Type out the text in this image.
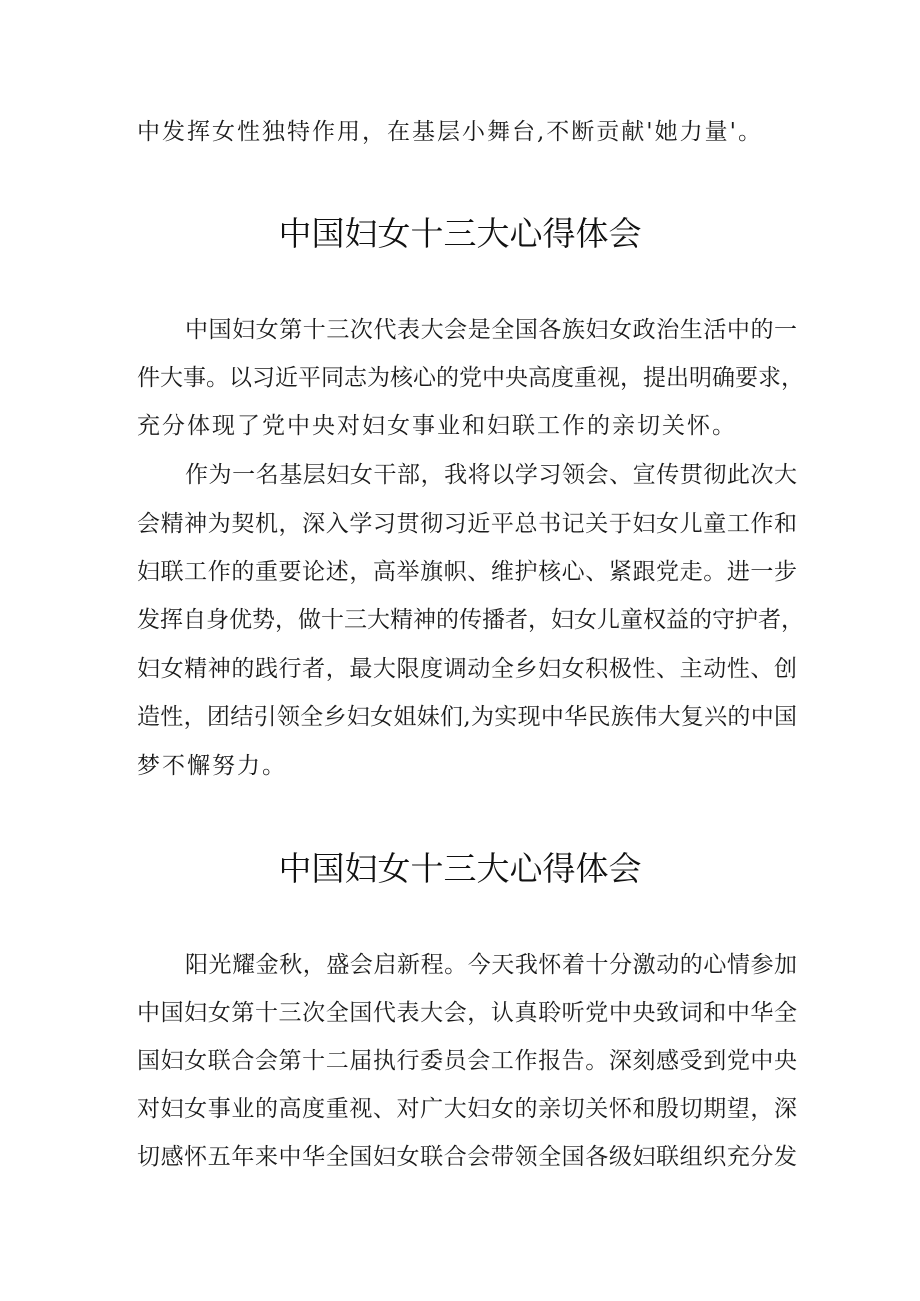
中发挥女性独特作用，在基层小舞台,不断贡献'她力量'。
中国妇女十三大心得体会
中国妇女第十三次代表大会是全国各族妇女政治生活中的一
件大事。以习近平同志为核心的党中央高度重视，提出明确要求，
充分体现了党中央对妇女事业和妇联工作的亲切关怀。
作为一名基层妇女干部，我将以学习领会、宣传贯彻此次大
会精神为契机，深入学习贯彻习近平总书记关于妇女儿童工作和
妇联工作的重要论述，高举旗帜、维护核心、紧跟党走。进一步
发挥自身优势，做十三大精神的传播者，妇女儿童权益的守护者，
妇女精神的践行者，最大限度调动全乡妇女积极性、主动性、创
造性，团结引领全乡妇女姐妹们,为实现中华民族伟大复兴的中国
梦不懈努力。
中国妇女十三大心得体会
阳光耀金秋，盛会启新程。今天我怀着十分激动的心情参加
中国妇女第十三次全国代表大会，认真聆听党中央致词和中华全
国妇女联合会第十二届执行委员会工作报告。深刻感受到党中央
对妇女事业的高度重视、对广大妇女的亲切关怀和殷切期望，深
切感怀五年来中华全国妇女联合会带领全国各级妇联组织充分发
